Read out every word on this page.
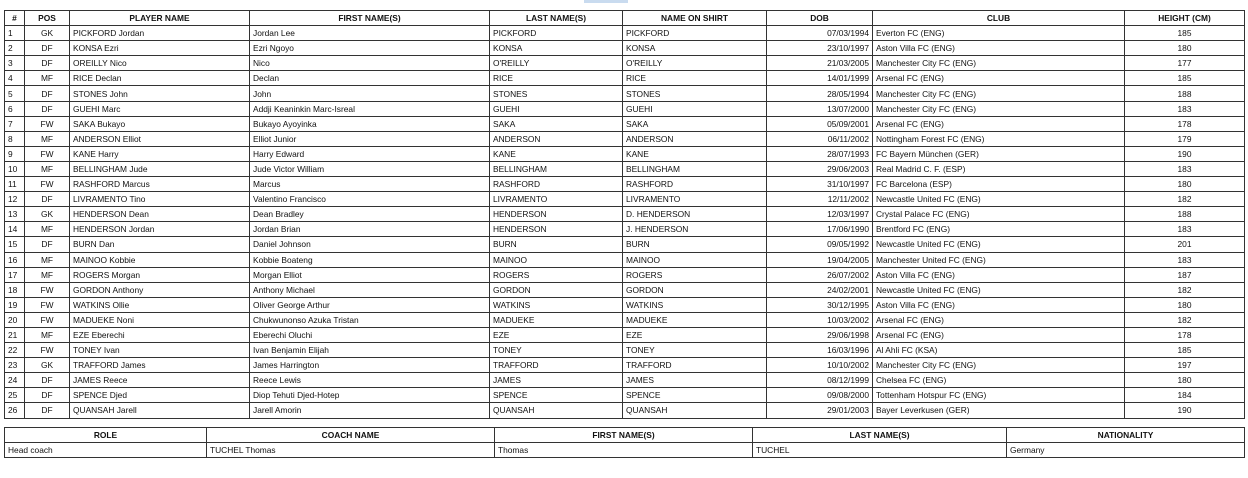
#	POS	PLAYER NAME	FIRST NAME(S)	LAST NAME(S)	NAME ON SHIRT	DOB	CLUB	HEIGHT (CM)
1	GK	PICKFORD Jordan	Jordan Lee	PICKFORD	PICKFORD	07/03/1994	Everton FC (ENG)	185
2	DF	KONSA Ezri	Ezri Ngoyo	KONSA	KONSA	23/10/1997	Aston Villa FC (ENG)	180
3	DF	OREILLY Nico	Nico	O'REILLY	O'REILLY	21/03/2005	Manchester City FC (ENG)	177
4	MF	RICE Declan	Declan	RICE	RICE	14/01/1999	Arsenal FC (ENG)	185
5	DF	STONES John	John	STONES	STONES	28/05/1994	Manchester City FC (ENG)	188
6	DF	GUEHI Marc	Addji Keaninkin Marc-Isreal	GUEHI	GUEHI	13/07/2000	Manchester City FC (ENG)	183
7	FW	SAKA Bukayo	Bukayo Ayoyinka	SAKA	SAKA	05/09/2001	Arsenal FC (ENG)	178
8	MF	ANDERSON Elliot	Elliot Junior	ANDERSON	ANDERSON	06/11/2002	Nottingham Forest FC (ENG)	179
9	FW	KANE Harry	Harry Edward	KANE	KANE	28/07/1993	FC Bayern München (GER)	190
10	MF	BELLINGHAM Jude	Jude Victor William	BELLINGHAM	BELLINGHAM	29/06/2003	Real Madrid C. F. (ESP)	183
11	FW	RASHFORD Marcus	Marcus	RASHFORD	RASHFORD	31/10/1997	FC Barcelona (ESP)	180
12	DF	LIVRAMENTO Tino	Valentino Francisco	LIVRAMENTO	LIVRAMENTO	12/11/2002	Newcastle United FC (ENG)	182
13	GK	HENDERSON Dean	Dean Bradley	HENDERSON	D. HENDERSON	12/03/1997	Crystal Palace FC (ENG)	188
14	MF	HENDERSON Jordan	Jordan Brian	HENDERSON	J. HENDERSON	17/06/1990	Brentford FC (ENG)	183
15	DF	BURN Dan	Daniel Johnson	BURN	BURN	09/05/1992	Newcastle United FC (ENG)	201
16	MF	MAINOO Kobbie	Kobbie Boateng	MAINOO	MAINOO	19/04/2005	Manchester United FC (ENG)	183
17	MF	ROGERS Morgan	Morgan Elliot	ROGERS	ROGERS	26/07/2002	Aston Villa FC (ENG)	187
18	FW	GORDON Anthony	Anthony Michael	GORDON	GORDON	24/02/2001	Newcastle United FC (ENG)	182
19	FW	WATKINS Ollie	Oliver George Arthur	WATKINS	WATKINS	30/12/1995	Aston Villa FC (ENG)	180
20	FW	MADUEKE Noni	Chukwunonso Azuka Tristan	MADUEKE	MADUEKE	10/03/2002	Arsenal FC (ENG)	182
21	MF	EZE Eberechi	Eberechi Oluchi	EZE	EZE	29/06/1998	Arsenal FC (ENG)	178
22	FW	TONEY Ivan	Ivan Benjamin Elijah	TONEY	TONEY	16/03/1996	Al Ahli FC (KSA)	185
23	GK	TRAFFORD James	James Harrington	TRAFFORD	TRAFFORD	10/10/2002	Manchester City FC (ENG)	197
24	DF	JAMES Reece	Reece Lewis	JAMES	JAMES	08/12/1999	Chelsea FC (ENG)	180
25	DF	SPENCE Djed	Diop Tehuti Djed-Hotep	SPENCE	SPENCE	09/08/2000	Tottenham Hotspur FC (ENG)	184
26	DF	QUANSAH Jarell	Jarell Amorin	QUANSAH	QUANSAH	29/01/2003	Bayer Leverkusen (GER)	190
ROLE	COACH NAME	FIRST NAME(S)	LAST NAME(S)	NATIONALITY
Head coach	TUCHEL Thomas	Thomas	TUCHEL	Germany
